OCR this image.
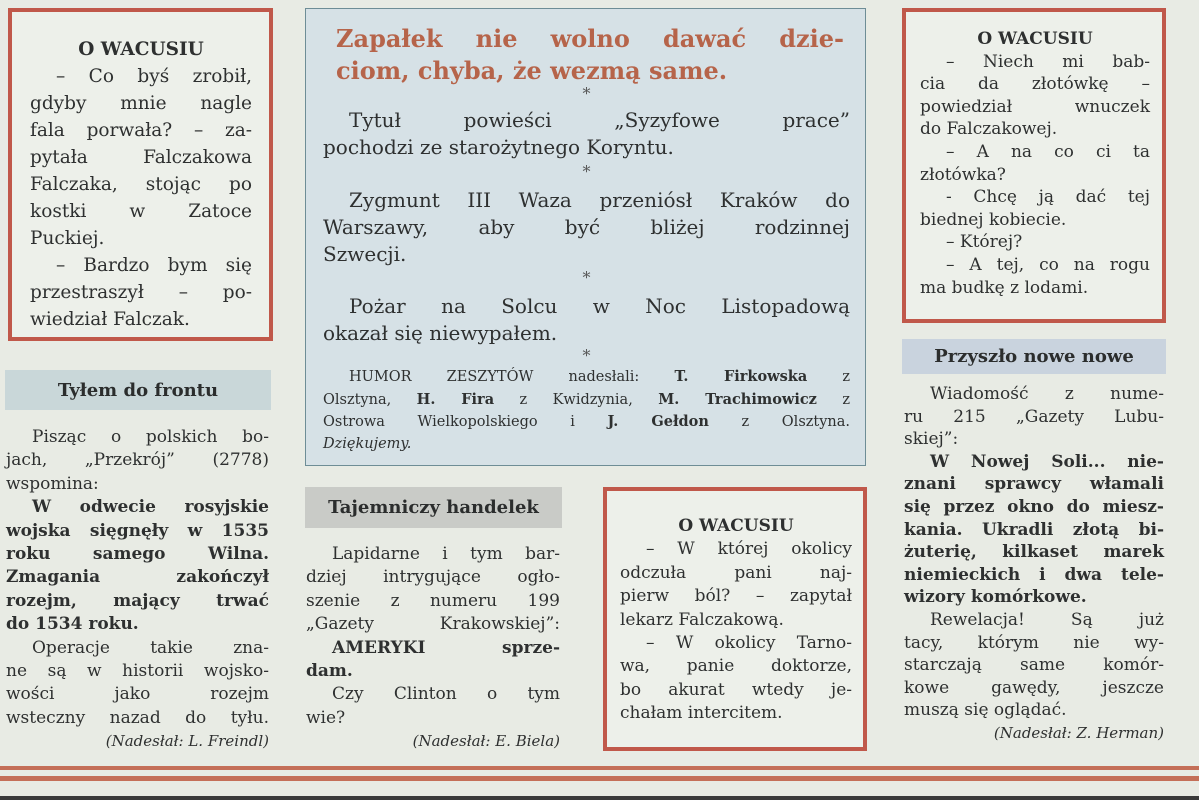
O WACUSIU
– Co byś zrobił,
gdyby mnie nagle
fala porwała? – za-
pytała Falczakowa
Falczaka, stojąc po
kostki w Zatoce
Puckiej.
– Bardzo bym się
przestraszył – po-
wiedział Falczak.
Tyłem do frontu
Pisząc o polskich bo-
jach, „Przekrój” (2778)
wspomina:
W odwecie rosyjskie
wojska sięgnęły w 1535
roku samego Wilna.
Zmagania zakończył
rozejm, mający trwać
do 1534 roku.
Operacje takie zna-
ne są w historii wojsko-
wości jako rozejm
wsteczny nazad do tyłu.
(Nadesłał: L. Freindl)
Zapałek nie wolno dawać dzie-
ciom, chyba, że wezmą same.
*
Tytuł powieści „Syzyfowe prace”
pochodzi ze starożytnego Koryntu.
*
Zygmunt III Waza przeniósł Kraków do
Warszawy, aby być bliżej rodzinnej
Szwecji.
*
Pożar na Solcu w Noc Listopadową
okazał się niewypałem.
*
HUMOR ZESZYTÓW nadesłali: T. Firkowska z
Olsztyna, H. Fira z Kwidzynia, M. Trachimowicz z
Ostrowa Wielkopolskiego i J. Gełdon z Olsztyna.
Dziękujemy.
Tajemniczy handelek
Lapidarne i tym bar-
dziej intrygujące ogło-
szenie z numeru 199
„Gazety Krakowskiej”:
AMERYKI sprze-
dam.
Czy Clinton o tym
wie?
(Nadesłał: E. Biela)
O WACUSIU
– W której okolicy
odczuła pani naj-
pierw ból? – zapytał
lekarz Falczakową.
– W okolicy Tarno-
wa, panie doktorze,
bo akurat wtedy je-
chałam intercitem.
O WACUSIU
– Niech mi bab-
cia da złotówkę –
powiedział wnuczek
do Falczakowej.
– A na co ci ta
złotówka?
- Chcę ją dać tej
biednej kobiecie.
– Której?
– A tej, co na rogu
ma budkę z lodami.
Przyszło nowe nowe
Wiadomość z nume-
ru 215 „Gazety Lubu-
skiej”:
W Nowej Soli... nie-
znani sprawcy włamali
się przez okno do miesz-
kania. Ukradli złotą bi-
żuterię, kilkaset marek
niemieckich i dwa tele-
wizory komórkowe.
Rewelacja! Są już
tacy, którym nie wy-
starczają same komór-
kowe gawędy, jeszcze
muszą się oglądać.
(Nadesłał: Z. Herman)
